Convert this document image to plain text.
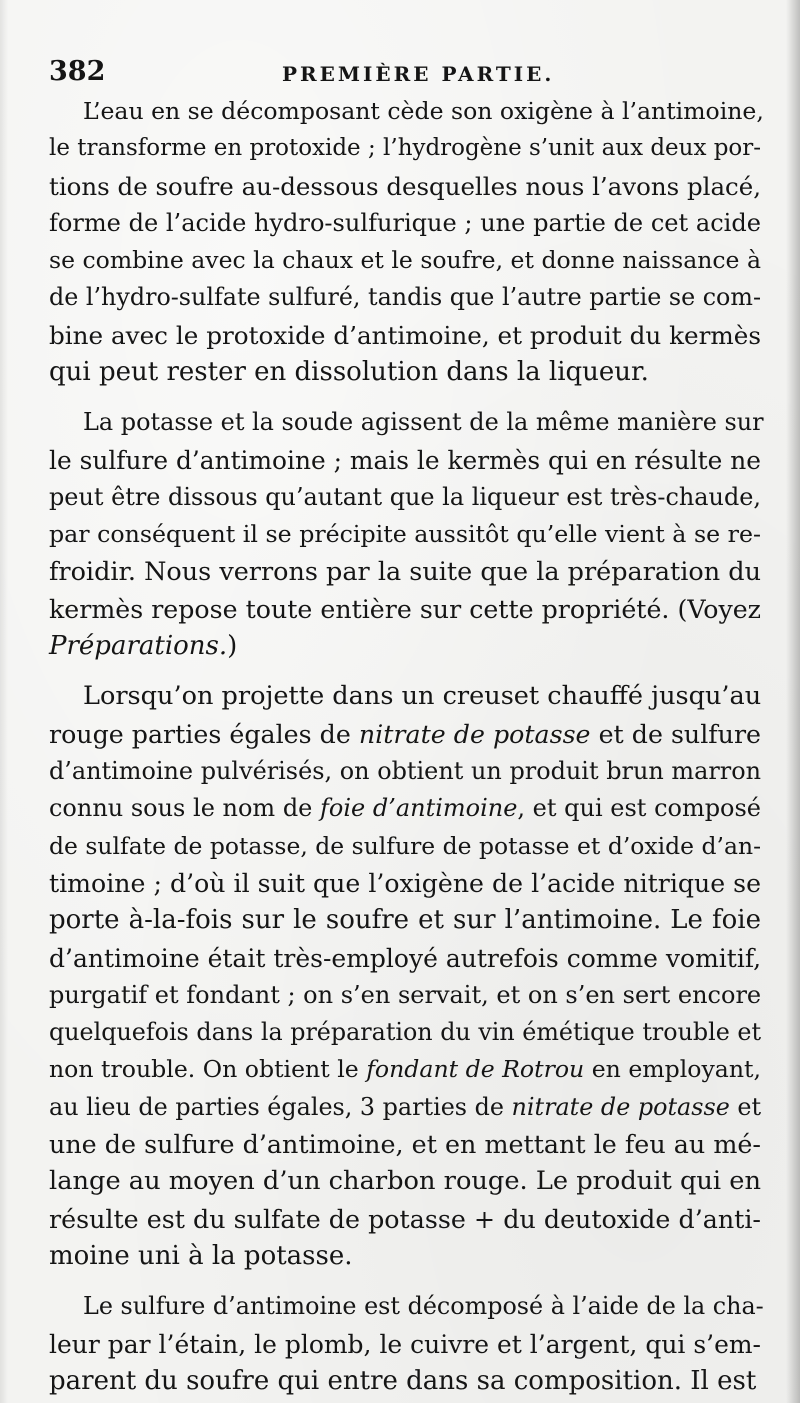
382	PREMIÈRE PARTIE.
L’eau en se décomposant cède son oxigène à l’antimoine,
le transforme en protoxide ; l’hydrogène s’unit aux deux por-
tions de soufre au-dessous desquelles nous l’avons placé,
forme de l’acide hydro-sulfurique ; une partie de cet acide
se combine avec la chaux et le soufre, et donne naissance à
de l’hydro-sulfate sulfuré, tandis que l’autre partie se com-
bine avec le protoxide d’antimoine, et produit du kermès
qui peut rester en dissolution dans la liqueur.
La potasse et la soude agissent de la même manière sur
le sulfure d’antimoine ; mais le kermès qui en résulte ne
peut être dissous qu’autant que la liqueur est très-chaude,
par conséquent il se précipite aussitôt qu’elle vient à se re-
froidir. Nous verrons par la suite que la préparation du
kermès repose toute entière sur cette propriété. (Voyez
Préparations.)
Lorsqu’on projette dans un creuset chauffé jusqu’au
rouge parties égales de nitrate de potasse et de sulfure
d’antimoine pulvérisés, on obtient un produit brun marron
connu sous le nom de foie d’antimoine, et qui est composé
de sulfate de potasse, de sulfure de potasse et d’oxide d’an-
timoine ; d’où il suit que l’oxigène de l’acide nitrique se
porte à-la-fois sur le soufre et sur l’antimoine. Le foie
d’antimoine était très-employé autrefois comme vomitif,
purgatif et fondant ; on s’en servait, et on s’en sert encore
quelquefois dans la préparation du vin émétique trouble et
non trouble. On obtient le fondant de Rotrou en employant,
au lieu de parties égales, 3 parties de nitrate de potasse et
une de sulfure d’antimoine, et en mettant le feu au mé-
lange au moyen d’un charbon rouge. Le produit qui en
résulte est du sulfate de potasse + du deutoxide d’anti-
moine uni à la potasse.
Le sulfure d’antimoine est décomposé à l’aide de la cha-
leur par l’étain, le plomb, le cuivre et l’argent, qui s’em-
parent du soufre qui entre dans sa composition. Il est
